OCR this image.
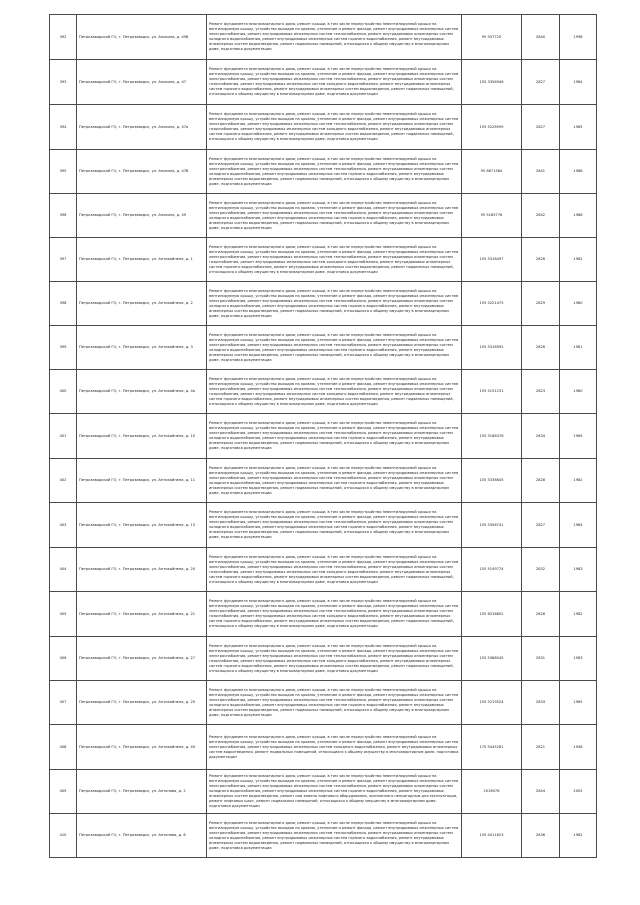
392	Петрозаводский ГО, г. Петрозаводск, ул. Анохина, д. 45б	Ремонт фундамента многоквартирного дома, ремонт крыши, в том числе переустройство невентилируемой крыши на вентилируемую крышу, устройство выходов на кровлю, утепление и ремонт фасада, ремонт внутридомовых инженерных систем электроснабжения, ремонт внутридомовых инженерных систем теплоснабжения, ремонт внутридомовых инженерных систем холодного водоснабжения, ремонт внутридомовых инженерных систем горячего водоснабжения, ремонт внутридомовых инженерных систем водоотведения, ремонт подвальных помещений, относящихся к общему имуществу в многоквартирном доме, подготовка документации	95 937725	2840	1998
393	Петрозаводский ГО, г. Петрозаводск, ул. Анохина, д. 47	Ремонт фундамента многоквартирного дома, ремонт крыши, в том числе переустройство невентилируемой крыши на вентилируемую крышу, устройство выходов на кровлю, утепление и ремонт фасада, ремонт внутридомовых инженерных систем электроснабжения, ремонт внутридомовых инженерных систем теплоснабжения, ремонт внутридомовых инженерных систем газоснабжения, ремонт внутридомовых инженерных систем холодного водоснабжения, ремонт внутридомовых инженерных систем горячего водоснабжения, ремонт внутридомовых инженерных систем водоотведения, ремонт подвальных помещений, относящихся к общему имуществу в многоквартирном доме, подготовка документации	155 3356946	2827	1984
394	Петрозаводский ГО, г. Петрозаводск, ул. Анохина, д. 47а	Ремонт фундамента многоквартирного дома, ремонт крыши, в том числе переустройство невентилируемой крыши на вентилируемую крышу, устройство выходов на кровлю, утепление и ремонт фасада, ремонт внутридомовых инженерных систем электроснабжения, ремонт внутридомовых инженерных систем теплоснабжения, ремонт внутридомовых инженерных систем газоснабжения, ремонт внутридомовых инженерных систем холодного водоснабжения, ремонт внутридомовых инженерных систем горячего водоснабжения, ремонт внутридомовых инженерных систем водоотведения, ремонт подвальных помещений, относящихся к общему имуществу в многоквартирном доме, подготовка документации	155 5226599	2827	1985
395	Петрозаводский ГО, г. Петрозаводск, ул. Анохина, д. 47б	Ремонт фундамента многоквартирного дома, ремонт крыши, в том числе переустройство невентилируемой крыши на вентилируемую крышу, устройство выходов на кровлю, утепление и ремонт фасада, ремонт внутридомовых инженерных систем электроснабжения, ремонт внутридомовых инженерных систем теплоснабжения, ремонт внутридомовых инженерных систем холодного водоснабжения, ремонт внутридомовых инженерных систем горячего водоснабжения, ремонт внутридомовых инженерных систем водоотведения, ремонт подвальных помещений, относящихся к общему имуществу в многоквартирном доме, подготовка документации	95 6671584	2841	1986
396	Петрозаводский ГО, г. Петрозаводск, ул. Анохина, д. 49	Ремонт фундамента многоквартирного дома, ремонт крыши, в том числе переустройство невентилируемой крыши на вентилируемую крышу, устройство выходов на кровлю, утепление и ремонт фасада, ремонт внутридомовых инженерных систем электроснабжения, ремонт внутридомовых инженерных систем теплоснабжения, ремонт внутридомовых инженерных систем холодного водоснабжения, ремонт внутридомовых инженерных систем горячего водоснабжения, ремонт внутридомовых инженерных систем водоотведения, ремонт подвальных помещений, относящихся к общему имуществу в многоквартирном доме, подготовка документации	95 5185776	2842	1986
397	Петрозаводский ГО, г. Петрозаводск, ул. Антикайнена, д. 1	Ремонт фундамента многоквартирного дома, ремонт крыши, в том числе переустройство невентилируемой крыши на вентилируемую крышу, устройство выходов на кровлю, утепление и ремонт фасада, ремонт внутридомовых инженерных систем электроснабжения, ремонт внутридомовых инженерных систем теплоснабжения, ремонт внутридомовых инженерных систем газоснабжения, ремонт внутридомовых инженерных систем холодного водоснабжения, ремонт внутридомовых инженерных систем горячего водоснабжения, ремонт внутридомовых инженерных систем водоотведения, ремонт подвальных помещений, относящихся к общему имуществу в многоквартирном доме, подготовка документации	155 5316497	2826	1982
398	Петрозаводский ГО, г. Петрозаводск, ул. Антикайнена, д. 2	Ремонт фундамента многоквартирного дома, ремонт крыши, в том числе переустройство невентилируемой крыши на вентилируемую крышу, устройство выходов на кровлю, утепление и ремонт фасада, ремонт внутридомовых инженерных систем электроснабжения, ремонт внутридомовых инженерных систем теплоснабжения, ремонт внутридомовых инженерных систем холодного водоснабжения, ремонт внутридомовых инженерных систем горячего водоснабжения, ремонт внутридомовых инженерных систем водоотведения, ремонт подвальных помещений, относящихся к общему имуществу в многоквартирном доме, подготовка документации	155 5221475	2829	1980
399	Петрозаводский ГО, г. Петрозаводск, ул. Антикайнена, д. 3	Ремонт фундамента многоквартирного дома, ремонт крыши, в том числе переустройство невентилируемой крыши на вентилируемую крышу, устройство выходов на кровлю, утепление и ремонт фасада, ремонт внутридомовых инженерных систем электроснабжения, ремонт внутридомовых инженерных систем теплоснабжения, ремонт внутридомовых инженерных систем холодного водоснабжения, ремонт внутридомовых инженерных систем горячего водоснабжения, ремонт внутридомовых инженерных систем водоотведения, ремонт подвальных помещений, относящихся к общему имуществу в многоквартирном доме, подготовка документации	155 5316992	2826	1981
400	Петрозаводский ГО, г. Петрозаводск, ул. Антикайнена, д. 4а	Ремонт фундамента многоквартирного дома, ремонт крыши, в том числе переустройство невентилируемой крыши на вентилируемую крышу, устройство выходов на кровлю, утепление и ремонт фасада, ремонт внутридомовых инженерных систем электроснабжения, ремонт внутридомовых инженерных систем теплоснабжения, ремонт внутридомовых инженерных систем газоснабжения, ремонт внутридомовых инженерных систем холодного водоснабжения, ремонт внутридомовых инженерных систем горячего водоснабжения, ремонт внутридомовых инженерных систем водоотведения, ремонт подвальных помещений, относящихся к общему имуществу в многоквартирном доме, подготовка документации	155 5151231	2823	1980
401	Петрозаводский ГО, г. Петрозаводск, ул. Антикайнена, д. 10	Ремонт фундамента многоквартирного дома, ремонт крыши, в том числе переустройство невентилируемой крыши на вентилируемую крышу, устройство выходов на кровлю, утепление и ремонт фасада, ремонт внутридомовых инженерных систем электроснабжения, ремонт внутридомовых инженерных систем теплоснабжения, ремонт внутридомовых инженерных систем холодного водоснабжения, ремонт внутридомовых инженерных систем горячего водоснабжения, ремонт внутридомовых инженерных систем водоотведения, ремонт подвальных помещений, относящихся к общему имуществу в многоквартирном доме, подготовка документации	155 5168376	2834	1965
402	Петрозаводский ГО, г. Петрозаводск, ул. Антикайнена, д. 11	Ремонт фундамента многоквартирного дома, ремонт крыши, в том числе переустройство невентилируемой крыши на вентилируемую крышу, устройство выходов на кровлю, утепление и ремонт фасада, ремонт внутридомовых инженерных систем электроснабжения, ремонт внутридомовых инженерных систем теплоснабжения, ремонт внутридомовых инженерных систем холодного водоснабжения, ремонт внутридомовых инженерных систем горячего водоснабжения, ремонт внутридомовых инженерных систем водоотведения, ремонт подвальных помещений, относящихся к общему имуществу в многоквартирном доме, подготовка документации	155 5336845	2828	1982
403	Петрозаводский ГО, г. Петрозаводск, ул. Антикайнена, д. 13	Ремонт фундамента многоквартирного дома, ремонт крыши, в том числе переустройство невентилируемой крыши на вентилируемую крышу, устройство выходов на кровлю, утепление и ремонт фасада, ремонт внутридомовых инженерных систем электроснабжения, ремонт внутридомовых инженерных систем теплоснабжения, ремонт внутридомовых инженерных систем холодного водоснабжения, ремонт внутридомовых инженерных систем горячего водоснабжения, ремонт внутридомовых инженерных систем водоотведения, ремонт подвальных помещений, относящихся к общему имуществу в многоквартирном доме, подготовка документации	155 5356741	2827	1984
404	Петрозаводский ГО, г. Петрозаводск, ул. Антикайнена, д. 20	Ремонт фундамента многоквартирного дома, ремонт крыши, в том числе переустройство невентилируемой крыши на вентилируемую крышу, устройство выходов на кровлю, утепление и ремонт фасада, ремонт внутридомовых инженерных систем электроснабжения, ремонт внутридомовых инженерных систем теплоснабжения, ремонт внутридомовых инженерных систем газоснабжения, ремонт внутридомовых инженерных систем холодного водоснабжения, ремонт внутридомовых инженерных систем горячего водоснабжения, ремонт внутридомовых инженерных систем водоотведения, ремонт подвальных помещений, относящихся к общему имуществу в многоквартирном доме, подготовка документации	155 5149774	2832	1983
405	Петрозаводский ГО, г. Петрозаводск, ул. Антикайнена, д. 21	Ремонт фундамента многоквартирного дома, ремонт крыши, в том числе переустройство невентилируемой крыши на вентилируемую крышу, устройство выходов на кровлю, утепление и ремонт фасада, ремонт внутридомовых инженерных систем электроснабжения, ремонт внутридомовых инженерных систем теплоснабжения, ремонт внутридомовых инженерных систем газоснабжения, ремонт внутридомовых инженерных систем холодного водоснабжения, ремонт внутридомовых инженерных систем горячего водоснабжения, ремонт внутридомовых инженерных систем водоотведения, ремонт подвальных помещений, относящихся к общему имуществу в многоквартирном доме, подготовка документации	155 6316802	2826	1982
406	Петрозаводский ГО, г. Петрозаводск, ул. Антикайнена, д. 27	Ремонт фундамента многоквартирного дома, ремонт крыши, в том числе переустройство невентилируемой крыши на вентилируемую крышу, устройство выходов на кровлю, утепление и ремонт фасада, ремонт внутридомовых инженерных систем электроснабжения, ремонт внутридомовых инженерных систем теплоснабжения, ремонт внутридомовых инженерных систем газоснабжения, ремонт внутридомовых инженерных систем холодного водоснабжения, ремонт внутридомовых инженерных систем горячего водоснабжения, ремонт внутридомовых инженерных систем водоотведения, ремонт подвальных помещений, относящихся к общему имуществу в многоквартирном доме, подготовка документации	155 5368045	2831	1983
407	Петрозаводский ГО, г. Петрозаводск, ул. Антикайнена, д. 29	Ремонт фундамента многоквартирного дома, ремонт крыши, в том числе переустройство невентилируемой крыши на вентилируемую крышу, устройство выходов на кровлю, утепление и ремонт фасада, ремонт внутридомовых инженерных систем электроснабжения, ремонт внутридомовых инженерных систем теплоснабжения, ремонт внутридомовых инженерных систем холодного водоснабжения, ремонт внутридомовых инженерных систем горячего водоснабжения, ремонт внутридомовых инженерных систем водоотведения, ремонт подвальных помещений, относящихся к общему имуществу в многоквартирном доме, подготовка документации	155 5219524	2833	1965
408	Петрозаводский ГО, г. Петрозаводск, ул. Антикайнена, д. 49	Ремонт фундамента многоквартирного дома, ремонт крыши, в том числе переустройство невентилируемой крыши на вентилируемую крышу, устройство выходов на кровлю, утепление и ремонт фасада, ремонт внутридомовых инженерных систем электроснабжения, ремонт внутридомовых инженерных систем холодного водоснабжения, ремонт внутридомовых инженерных систем водоотведения, ремонт подвальных помещений, относящихся к общему имуществу в многоквартирном доме, подготовка документации	175 5445281	2821	1948
409	Петрозаводский ГО, г. Петрозаводск, ул. Антонова, д. 2	Ремонт фундамента многоквартирного дома, ремонт крыши, в том числе переустройство невентилируемой крыши на вентилируемую крышу, устройство выходов на кровлю, утепление и ремонт фасада, ремонт внутридомовых инженерных систем электроснабжения, ремонт внутридомовых инженерных систем теплоснабжения, ремонт внутридомовых инженерных систем холодного водоснабжения, ремонт внутридомовых инженерных систем горячего водоснабжения, ремонт внутридомовых инженерных систем водоотведения, ремонт или замена лифтового оборудования, признанного непригодным для эксплуатации, ремонт лифтовых шахт, ремонт подвальных помещений, относящихся к общему имуществу в многоквартирном доме, подготовка документации	2016078	2844	2005
410	Петрозаводский ГО, г. Петрозаводск, ул. Антонова, д. 6	Ремонт фундамента многоквартирного дома, ремонт крыши, в том числе переустройство невентилируемой крыши на вентилируемую крышу, устройство выходов на кровлю, утепление и ремонт фасада, ремонт внутридомовых инженерных систем электроснабжения, ремонт внутридомовых инженерных систем теплоснабжения, ремонт внутридомовых инженерных систем холодного водоснабжения, ремонт внутридомовых инженерных систем горячего водоснабжения, ремонт внутридомовых инженерных систем водоотведения, ремонт подвальных помещений, относящихся к общему имуществу в многоквартирном доме, подготовка документации	155 4411623	2836	1982
